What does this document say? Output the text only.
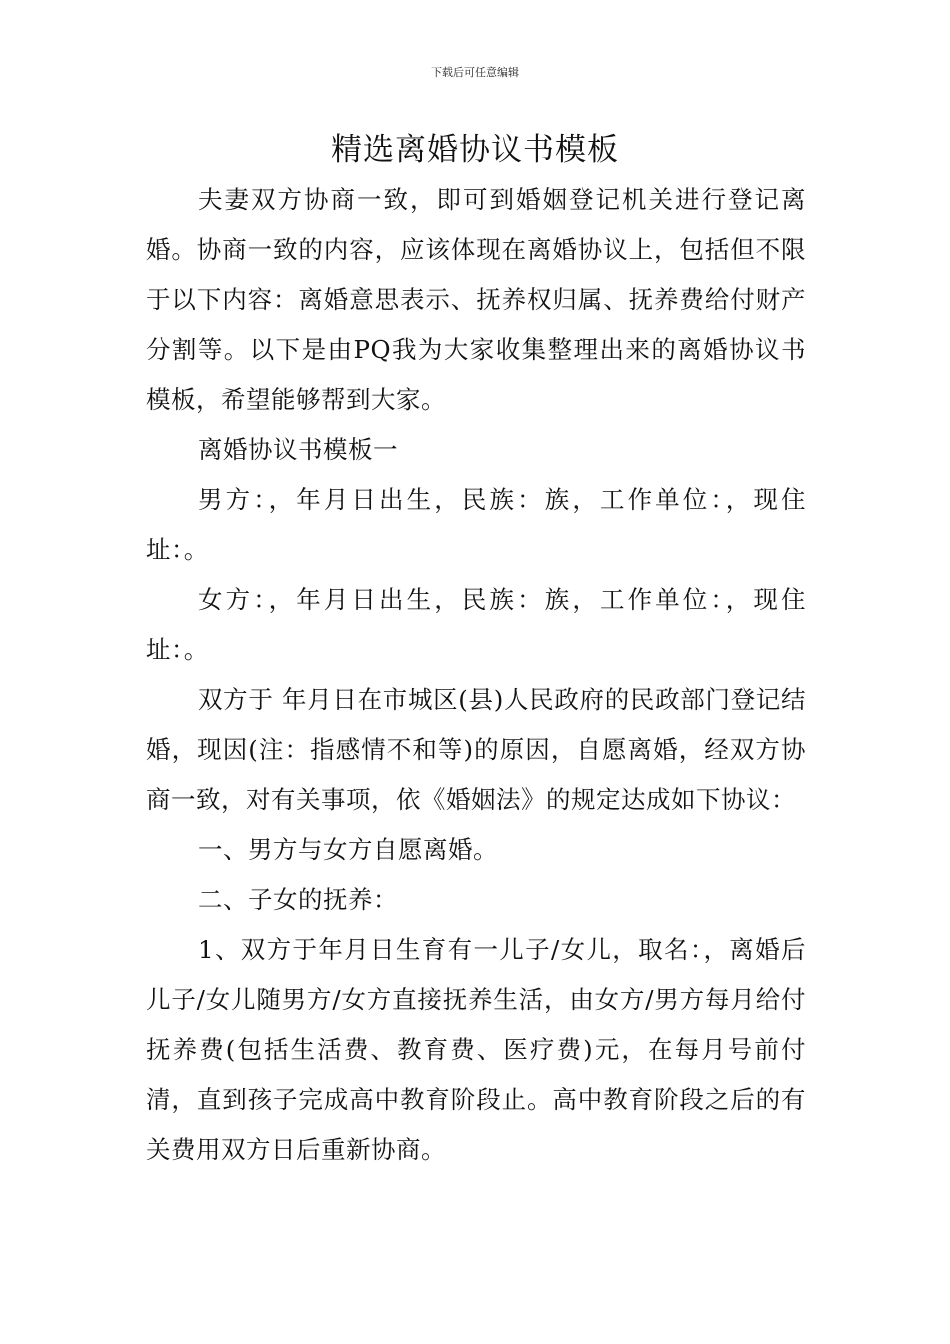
下载后可任意编辑
精选离婚协议书模板

夫妻双方协商一致，即可到婚姻登记机关进行登记离婚。协商一致的内容，应该体现在离婚协议上，包括但不限于以下内容：离婚意思表示、抚养权归属、抚养费给付财产分割等。以下是由PQ我为大家收集整理出来的离婚协议书模板，希望能够帮到大家。

离婚协议书模板一

男方：，年月日出生，民族：族，工作单位：，现住址：。

女方：，年月日出生，民族：族，工作单位：，现住址：。

双方于 年月日在市城区(县)人民政府的民政部门登记结婚，现因(注：指感情不和等)的原因，自愿离婚，经双方协商一致，对有关事项，依《婚姻法》的规定达成如下协议：

一、男方与女方自愿离婚。

二、子女的抚养：

1、双方于年月日生育有一儿子/女儿，取名：，离婚后儿子/女儿随男方/女方直接抚养生活，由女方/男方每月给付抚养费(包括生活费、教育费、医疗费)元，在每月号前付清，直到孩子完成高中教育阶段止。高中教育阶段之后的有关费用双方日后重新协商。
